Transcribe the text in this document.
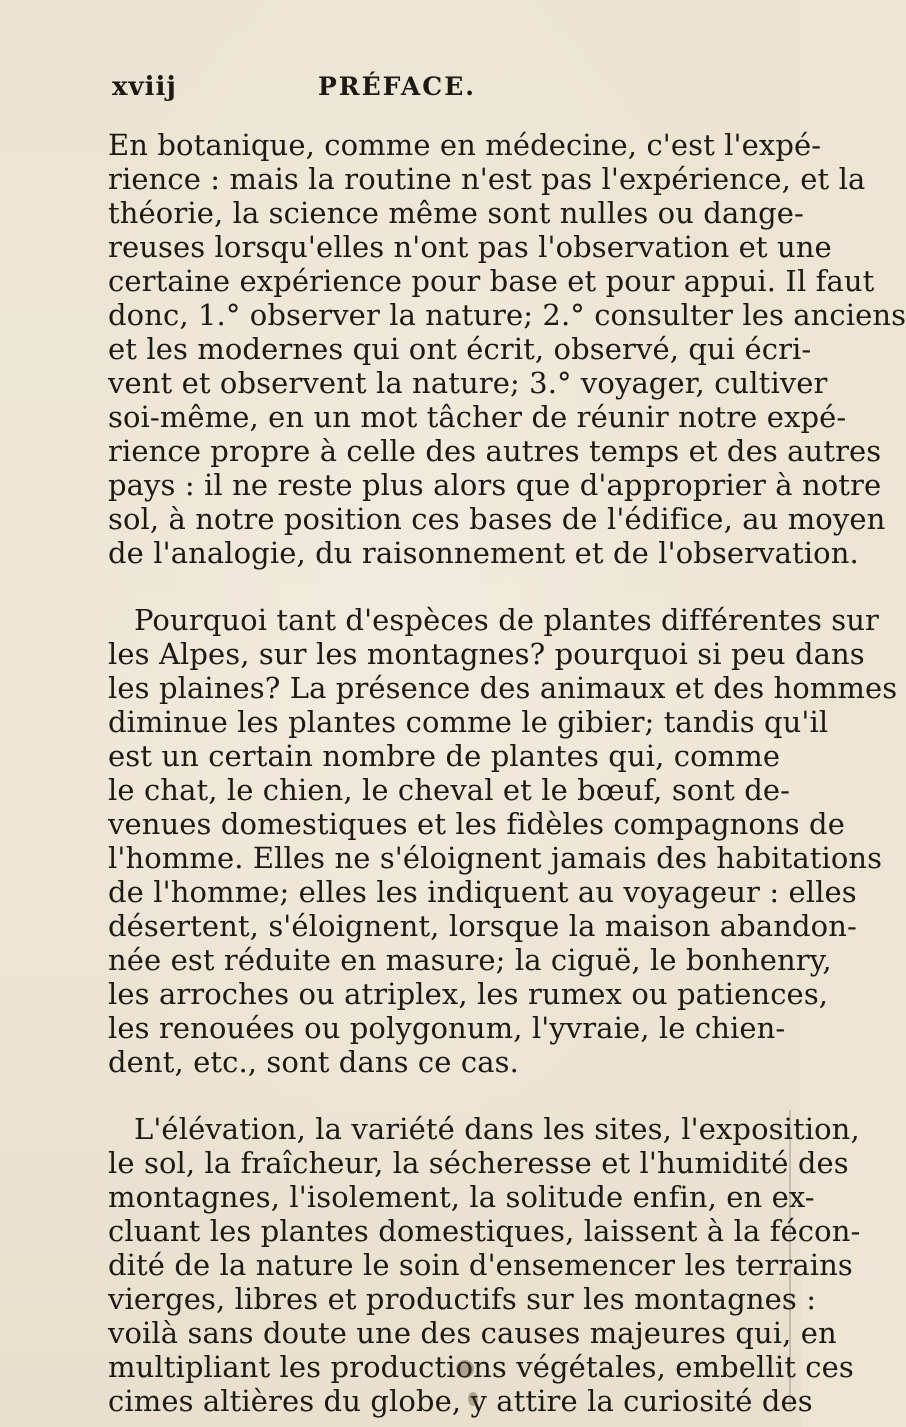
xviij	PRÉFACE.
En botanique, comme en médecine, c'est l'expé-
rience : mais la routine n'est pas l'expérience, et la
théorie, la science même sont nulles ou dange-
reuses lorsqu'elles n'ont pas l'observation et une
certaine expérience pour base et pour appui. Il faut
donc, 1.° observer la nature; 2.° consulter les anciens
et les modernes qui ont écrit, observé, qui écri-
vent et observent la nature; 3.° voyager, cultiver
soi-même, en un mot tâcher de réunir notre expé-
rience propre à celle des autres temps et des autres
pays : il ne reste plus alors que d'approprier à notre
sol, à notre position ces bases de l'édifice, au moyen
de l'analogie, du raisonnement et de l'observation.
Pourquoi tant d'espèces de plantes différentes sur
les Alpes, sur les montagnes? pourquoi si peu dans
les plaines? La présence des animaux et des hommes
diminue les plantes comme le gibier; tandis qu'il
est un certain nombre de plantes qui, comme
le chat, le chien, le cheval et le bœuf, sont de-
venues domestiques et les fidèles compagnons de
l'homme. Elles ne s'éloignent jamais des habitations
de l'homme; elles les indiquent au voyageur : elles
désertent, s'éloignent, lorsque la maison abandon-
née est réduite en masure; la ciguë, le bonhenry,
les arroches ou atriplex, les rumex ou patiences,
les renouées ou polygonum, l'yvraie, le chien-
dent, etc., sont dans ce cas.
L'élévation, la variété dans les sites, l'exposition,
le sol, la fraîcheur, la sécheresse et l'humidité des
montagnes, l'isolement, la solitude enfin, en ex-
cluant les plantes domestiques, laissent à la fécon-
dité de la nature le soin d'ensemencer les terrains
vierges, libres et productifs sur les montagnes :
voilà sans doute une des causes majeures qui, en
multipliant les productions végétales, embellit ces
cimes altières du globe, y attire la curiosité des
